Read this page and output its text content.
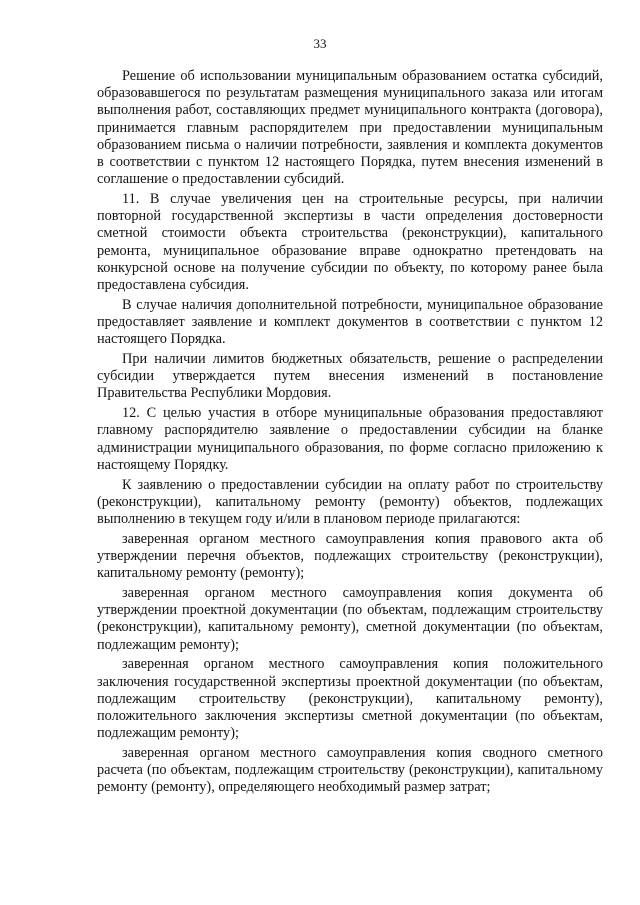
33

Решение об использовании муниципальным образованием остатка субсидий, образовавшегося по результатам размещения муниципального заказа или итогам выполнения работ, составляющих предмет муниципального контракта (договора), принимается главным распорядителем при предоставлении муниципальным образованием письма о наличии потребности, заявления и комплекта документов в соответствии с пунктом 12 настоящего Порядка, путем внесения изменений в соглашение о предоставлении субсидий.

11. В случае увеличения цен на строительные ресурсы, при наличии повторной государственной экспертизы в части определения достоверности сметной стоимости объекта строительства (реконструкции), капитального ремонта, муниципальное образование вправе однократно претендовать на конкурсной основе на получение субсидии по объекту, по которому ранее была предоставлена субсидия.

В случае наличия дополнительной потребности, муниципальное образование предоставляет заявление и комплект документов в соответствии с пунктом 12 настоящего Порядка.

При наличии лимитов бюджетных обязательств, решение о распределении субсидии утверждается путем внесения изменений в постановление Правительства Республики Мордовия.

12. С целью участия в отборе муниципальные образования предоставляют главному распорядителю заявление о предоставлении субсидии на бланке администрации муниципального образования, по форме согласно приложению к настоящему Порядку.

К заявлению о предоставлении субсидии на оплату работ по строительству (реконструкции), капитальному ремонту (ремонту) объектов, подлежащих выполнению в текущем году и/или в плановом периоде прилагаются:

заверенная органом местного самоуправления копия правового акта об утверждении перечня объектов, подлежащих строительству (реконструкции), капитальному ремонту (ремонту);

заверенная органом местного самоуправления копия документа об утверждении проектной документации (по объектам, подлежащим строительству (реконструкции), капитальному ремонту), сметной документации (по объектам, подлежащим ремонту);

заверенная органом местного самоуправления копия положительного заключения государственной экспертизы проектной документации (по объектам, подлежащим строительству (реконструкции), капитальному ремонту), положительного заключения экспертизы сметной документации (по объектам, подлежащим ремонту);

заверенная органом местного самоуправления копия сводного сметного расчета (по объектам, подлежащим строительству (реконструкции), капитальному ремонту (ремонту), определяющего необходимый размер затрат;
